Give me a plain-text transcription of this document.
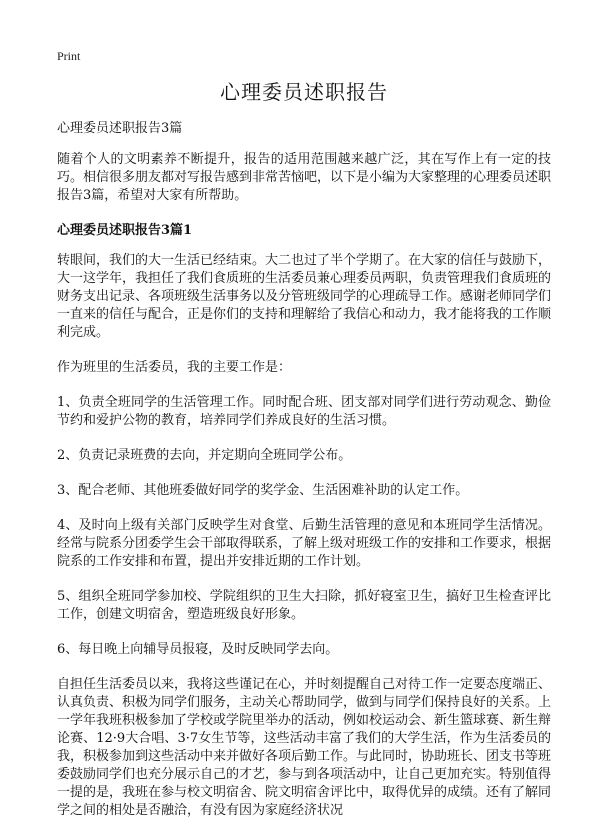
Print
心理委员述职报告

心理委员述职报告3篇

随着个人的文明素养不断提升，报告的适用范围越来越广泛，其在写作上有一定的技巧。相信很多朋友都对写报告感到非常苦恼吧，以下是小编为大家整理的心理委员述职报告3篇，希望对大家有所帮助。

心理委员述职报告3篇1

转眼间，我们的大一生活已经结束。大二也过了半个学期了。在大家的信任与鼓励下，大一这学年，我担任了我们食质班的生活委员兼心理委员两职，负责管理我们食质班的财务支出记录、各项班级生活事务以及分管班级同学的心理疏导工作。感谢老师同学们一直来的信任与配合，正是你们的支持和理解给了我信心和动力，我才能将我的工作顺利完成。

作为班里的生活委员，我的主要工作是：

1、负责全班同学的生活管理工作。同时配合班、团支部对同学们进行劳动观念、勤俭节约和爱护公物的教育，培养同学们养成良好的生活习惯。

2、负责记录班费的去向，并定期向全班同学公布。

3、配合老师、其他班委做好同学的奖学金、生活困难补助的认定工作。

4、及时向上级有关部门反映学生对食堂、后勤生活管理的意见和本班同学生活情况。经常与院系分团委学生会干部取得联系，了解上级对班级工作的安排和工作要求，根据院系的工作安排和布置，提出并安排近期的工作计划。

5、组织全班同学参加校、学院组织的卫生大扫除，抓好寝室卫生，搞好卫生检查评比工作，创建文明宿舍，塑造班级良好形象。

6、每日晚上向辅导员报寝，及时反映同学去向。

自担任生活委员以来，我将这些谨记在心，并时刻提醒自己对待工作一定要态度端正、认真负责、积极为同学们服务，主动关心帮助同学，做到与同学们保持良好的关系。上一学年我班积极参加了学校或学院里举办的活动，例如校运动会、新生篮球赛、新生辩论赛、12·9大合唱、3·7女生节等，这些活动丰富了我们的大学生活，作为生活委员的我，积极参加到这些活动中来并做好各项后勤工作。与此同时，协助班长、团支书等班委鼓励同学们也充分展示自己的才艺，参与到各项活动中，让自己更加充实。特别值得一提的是，我班在参与校文明宿舍、院文明宿舍评比中，取得优异的成绩。还有了解同学之间的相处是否融洽，有没有因为家庭经济状况
